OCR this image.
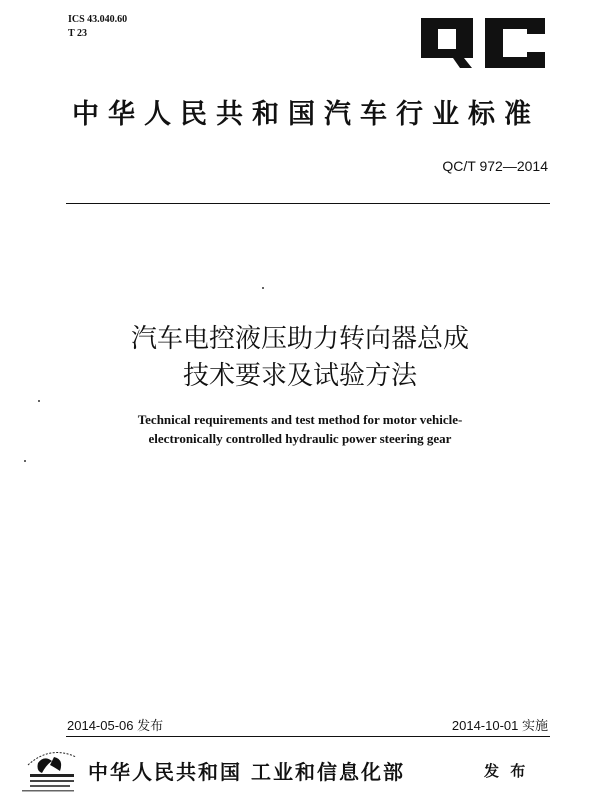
ICS 43.040.60
T 23
QC
中华人民共和国汽车行业标准
QC/T 972—2014
汽车电控液压助力转向器总成
技术要求及试验方法
Technical requirements and test method for motor vehicle-
electronically controlled hydraulic power steering gear
2014-05-06 发布	2014-10-01 实施
中华人民共和国 工业和信息化部	发 布
